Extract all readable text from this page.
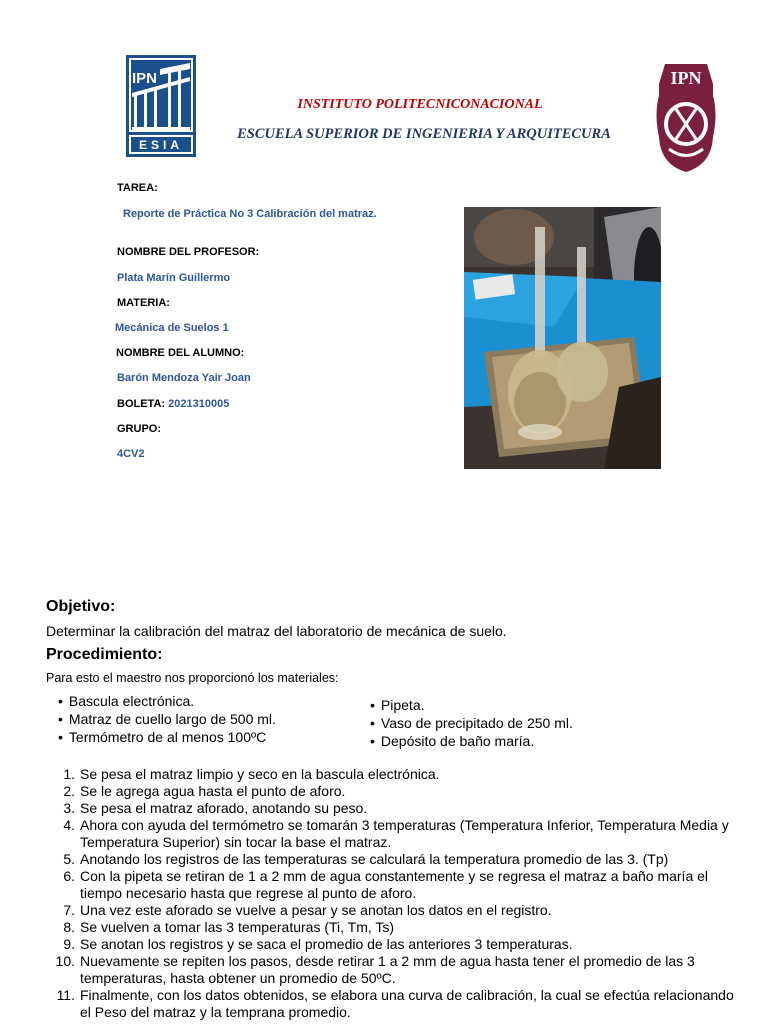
IPN
ESIA
IPN
INSTITUTO POLITECNICONACIONAL
ESCUELA SUPERIOR DE INGENIERIA Y ARQUITECURA
TAREA:
Reporte de Práctica No 3 Calibración del matraz.
NOMBRE DEL PROFESOR:
Plata Marín Guillermo
MATERIA:
Mecánica de Suelos 1
NOMBRE DEL ALUMNO:
Barón Mendoza Yair Joan
BOLETA: 2021310005
GRUPO:
4CV2
Objetivo:
Determinar la calibración del matraz del laboratorio de mecánica de suelo.
Procedimiento:
Para esto el maestro nos proporcionó los materiales:
• Bascula electrónica.
• Matraz de cuello largo de 500 ml.
• Termómetro de al menos 100ºC
• Pipeta.
• Vaso de precipitado de 250 ml.
• Depósito de baño maría.
1. Se pesa el matraz limpio y seco en la bascula electrónica.
2. Se le agrega agua hasta el punto de aforo.
3. Se pesa el matraz aforado, anotando su peso.
4. Ahora con ayuda del termómetro se tomarán 3 temperaturas (Temperatura Inferior, Temperatura Media y Temperatura Superior) sin tocar la base el matraz.
5. Anotando los registros de las temperaturas se calculará la temperatura promedio de las 3. (Tp)
6. Con la pipeta se retiran de 1 a 2 mm de agua constantemente y se regresa el matraz a baño maría el tiempo necesario hasta que regrese al punto de aforo.
7. Una vez este aforado se vuelve a pesar y se anotan los datos en el registro.
8. Se vuelven a tomar las 3 temperaturas (Ti, Tm, Ts)
9. Se anotan los registros y se saca el promedio de las anteriores 3 temperaturas.
10. Nuevamente se repiten los pasos, desde retirar 1 a 2 mm de agua hasta tener el promedio de las 3 temperaturas, hasta obtener un promedio de 50ºC.
11. Finalmente, con los datos obtenidos, se elabora una curva de calibración, la cual se efectúa relacionando el Peso del matraz y la temprana promedio.
